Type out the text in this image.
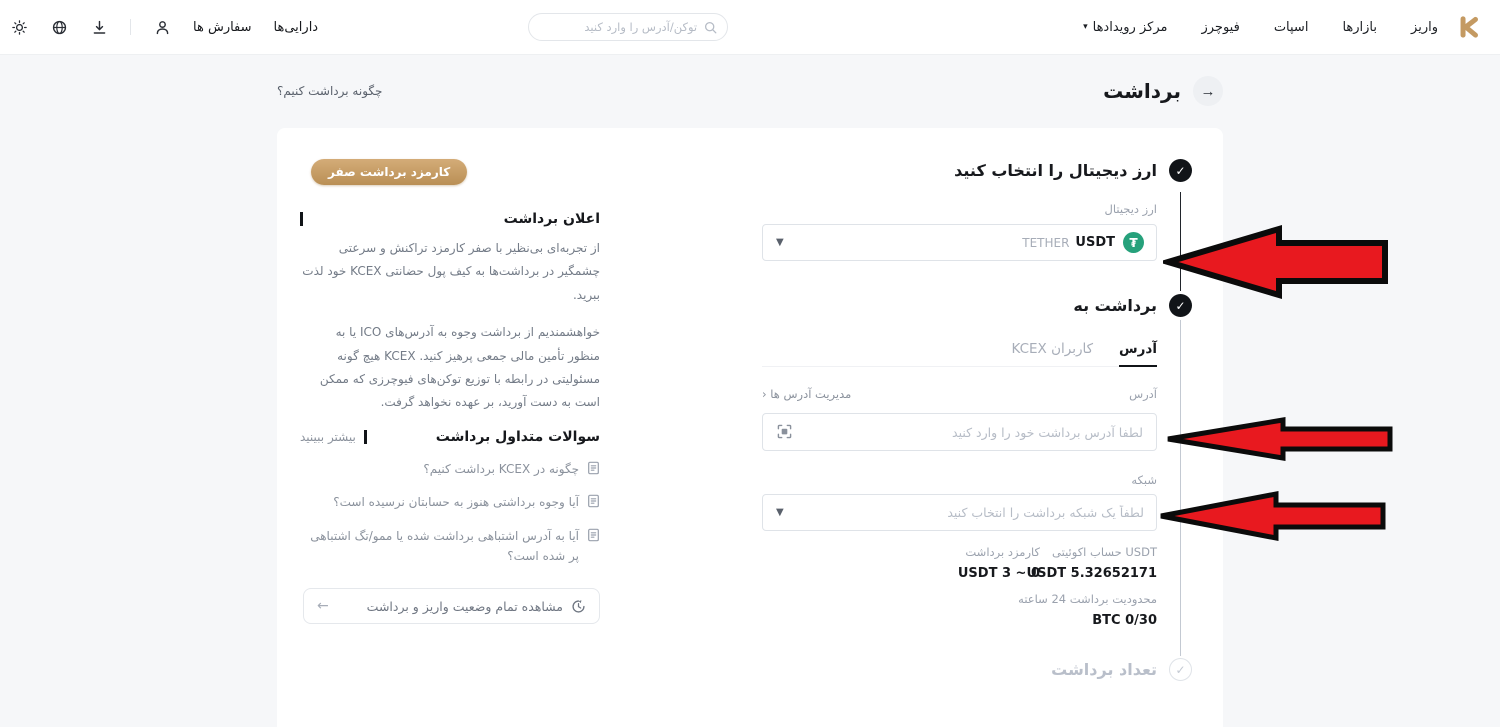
واریز
بازارها
اسپات
فیوچرز
مرکز رویدادها
▾
توکن/آدرس را وارد کنید
دارایی‌ها
سفارش ها
→
برداشت
چگونه برداشت کنیم؟
✓
ارز دیجیتال را انتخاب کنید
ارز دیجیتال
₮
USDT
TETHER
▼
✓
برداشت به
آدرس
کاربران KCEX
آدرس
مدیریت آدرس ها ‹
لطفا آدرس برداشت خود را وارد کنید
شبکه
لطفاً یک شبکه برداشت را انتخاب کنید
▼
USDT حساب اکوئیتی
USDT 5.32652171
کارمزد برداشت
USDT 3 ~ 0
محدودیت برداشت 24 ساعته
BTC 0/30
✓
تعداد برداشت
کارمزد برداشت صفر
اعلان برداشت

از تجربه‌ای بی‌نظیر با صفر کارمزد تراکنش و سرعتی چشمگیر در برداشت‌ها به کیف پول حضانتی KCEX خود لذت ببرید.

خواهشمندیم از برداشت وجوه به آدرس‌های ICO یا به منظور تأمین مالی جمعی پرهیز کنید. KCEX هیچ گونه مسئولیتی در رابطه با توزیع توکن‌های فیوچرزی که ممکن است به دست آورید، بر عهده نخواهد گرفت.

سوالات متداول برداشت
بیشتر ببینید
چگونه در KCEX برداشت کنیم؟
آیا وجوه برداشتی هنوز به حسابتان نرسیده است؟
آیا به آدرس اشتباهی برداشت شده یا ممو/تگ اشتباهی پر شده است؟
مشاهده تمام وضعیت واریز و برداشت
←
